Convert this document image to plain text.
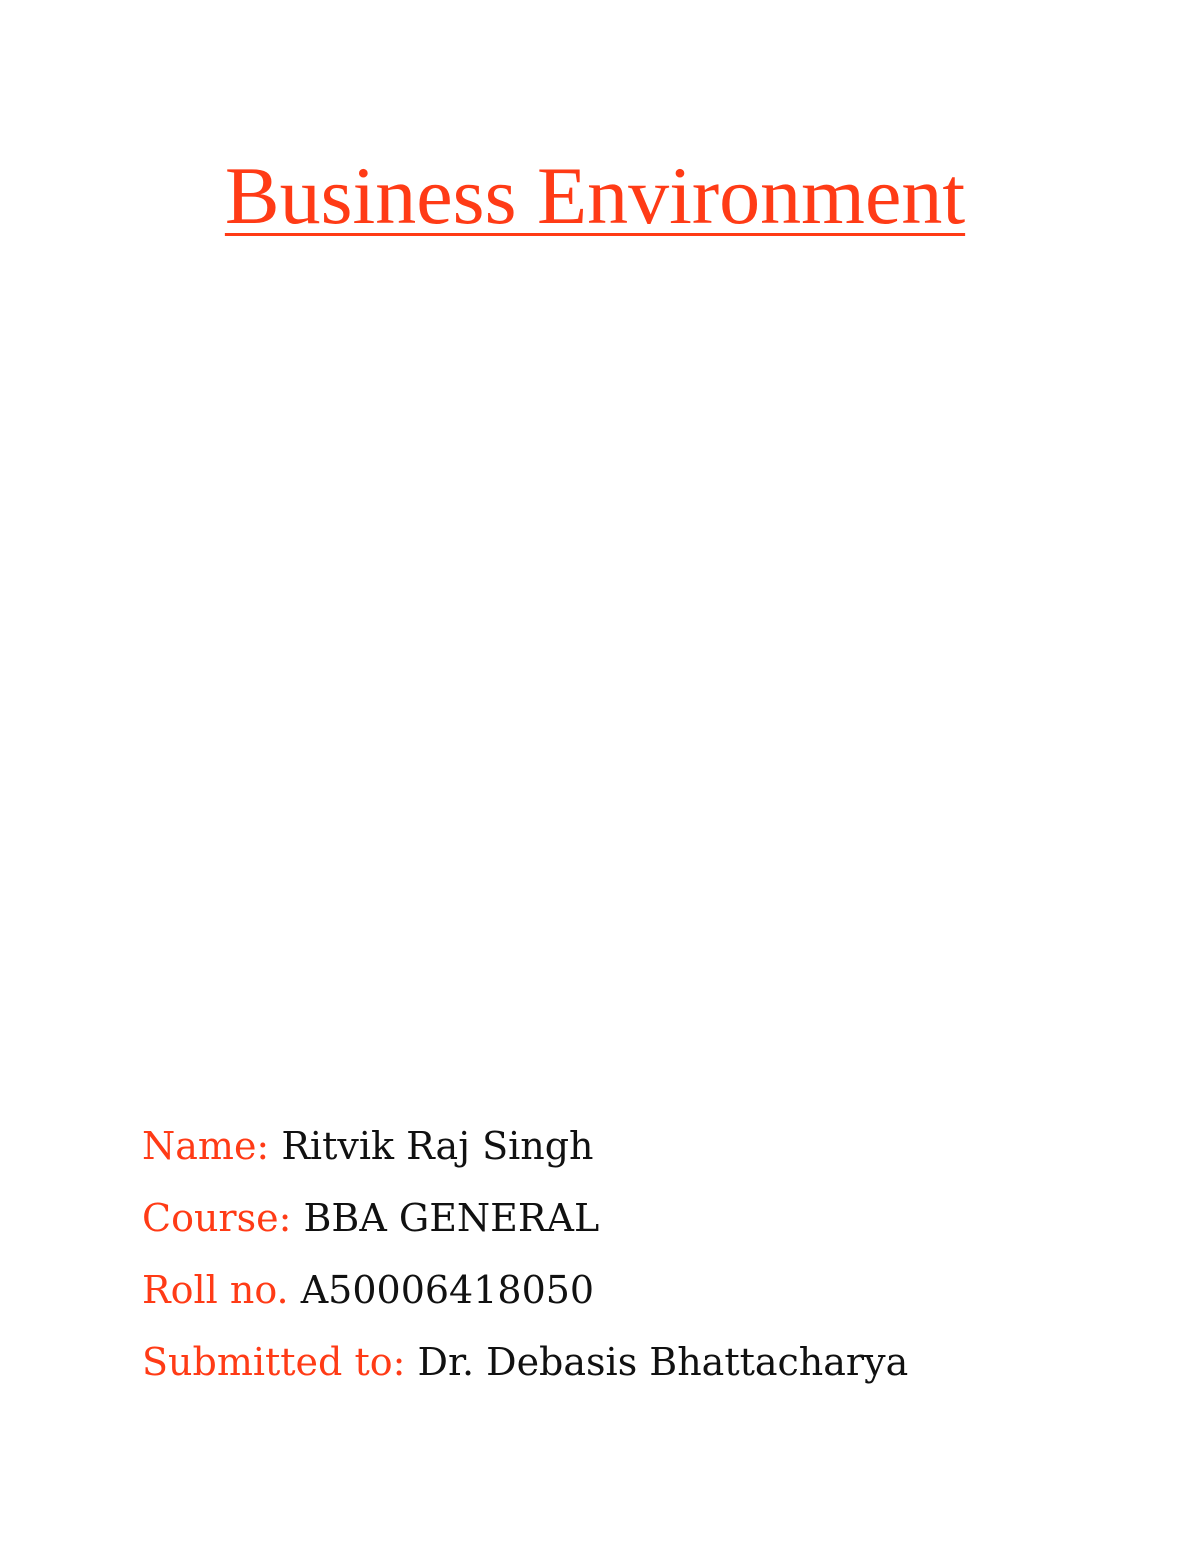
Business Environment
Name: Ritvik Raj Singh
Course: BBA GENERAL
Roll no. A50006418050
Submitted to: Dr. Debasis Bhattacharya
